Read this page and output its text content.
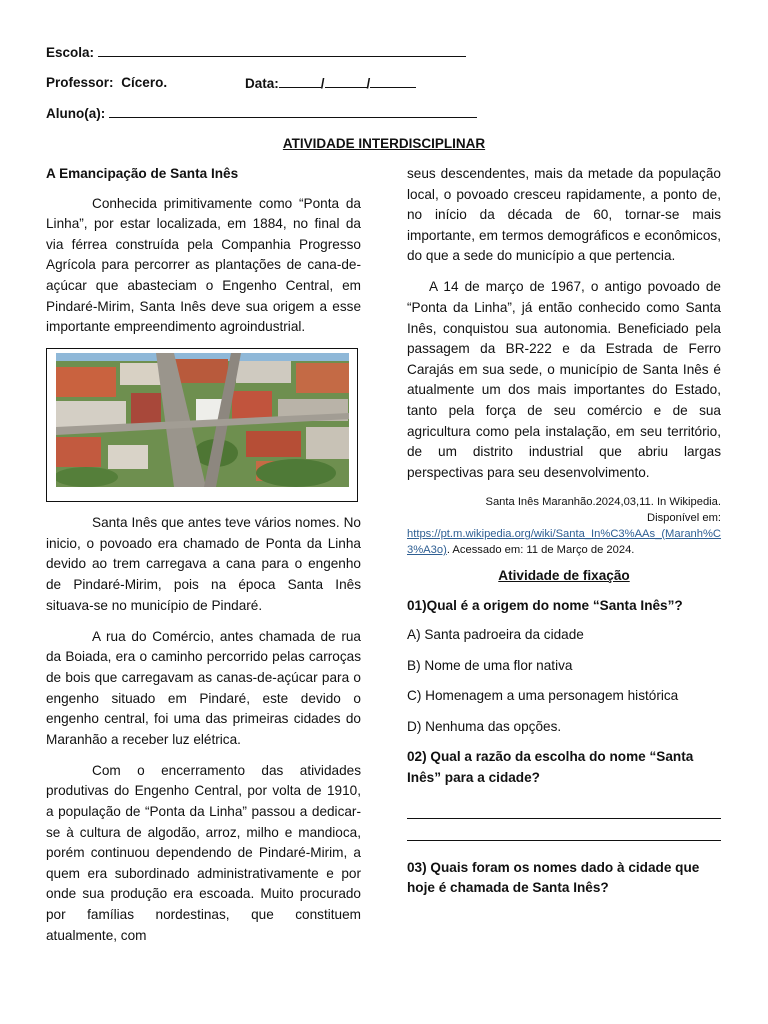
Escola:
Professor: Cícero.	Data:	/	/
Aluno(a):
ATIVIDADE INTERDISCIPLINAR
A Emancipação de Santa Inês

Conhecida primitivamente como “Ponta da Linha”, por estar localizada, em 1884, no final da via férrea construída pela Companhia Progresso Agrícola para percorrer as plantações de cana-de-açúcar que abasteciam o Engenho Central, em Pindaré-Mirim, Santa Inês deve sua origem a esse importante empreendimento agroindustrial.

Santa Inês que antes teve vários nomes. No inicio, o povoado era chamado de Ponta da Linha devido ao trem carregava a cana para o engenho de Pindaré-Mirim, pois na época Santa Inês situava-se no município de Pindaré.

A rua do Comércio, antes chamada de rua da Boiada, era o caminho percorrido pelas carroças de bois que carregavam as canas-de-açúcar para o engenho situado em Pindaré, este devido o engenho central, foi uma das primeiras cidades do Maranhão a receber luz elétrica.

Com o encerramento das atividades produtivas do Engenho Central, por volta de 1910, a população de “Ponta da Linha” passou a dedicar-se à cultura de algodão, arroz, milho e mandioca, porém continuou dependendo de Pindaré-Mirim, a quem era subordinado administrativamente e por onde sua produção era escoada. Muito procurado por famílias nordestinas, que constituem atualmente, com

seus descendentes, mais da metade da população local, o povoado cresceu rapidamente, a ponto de, no início da década de 60, tornar-se mais importante, em termos demográficos e econômicos, do que a sede do município a que pertencia.

A 14 de março de 1967, o antigo povoado de “Ponta da Linha”, já então conhecido como Santa Inês, conquistou sua autonomia. Beneficiado pela passagem da BR-222 e da Estrada de Ferro Carajás em sua sede, o município de Santa Inês é atualmente um dos mais importantes do Estado, tanto pela força de seu comércio e de sua agricultura como pela instalação, em seu território, de um distrito industrial que abriu largas perspectivas para seu desenvolvimento.

Santa Inês Maranhão.2024,03,11. In Wikipedia.
Disponível em:
https://pt.m.wikipedia.org/wiki/Santa_In%C3%AAs_(Maranh%C3%A3o). Acessado em: 11 de Março de 2024.
Atividade de fixação
01)Qual é a origem do nome “Santa Inês”?
A) Santa padroeira da cidade
B) Nome de uma flor nativa
C) Homenagem a uma personagem histórica
D) Nenhuma das opções.
02) Qual a razão da escolha do nome “Santa Inês” para a cidade?
03) Quais foram os nomes dado à cidade que hoje é chamada de Santa Inês?
